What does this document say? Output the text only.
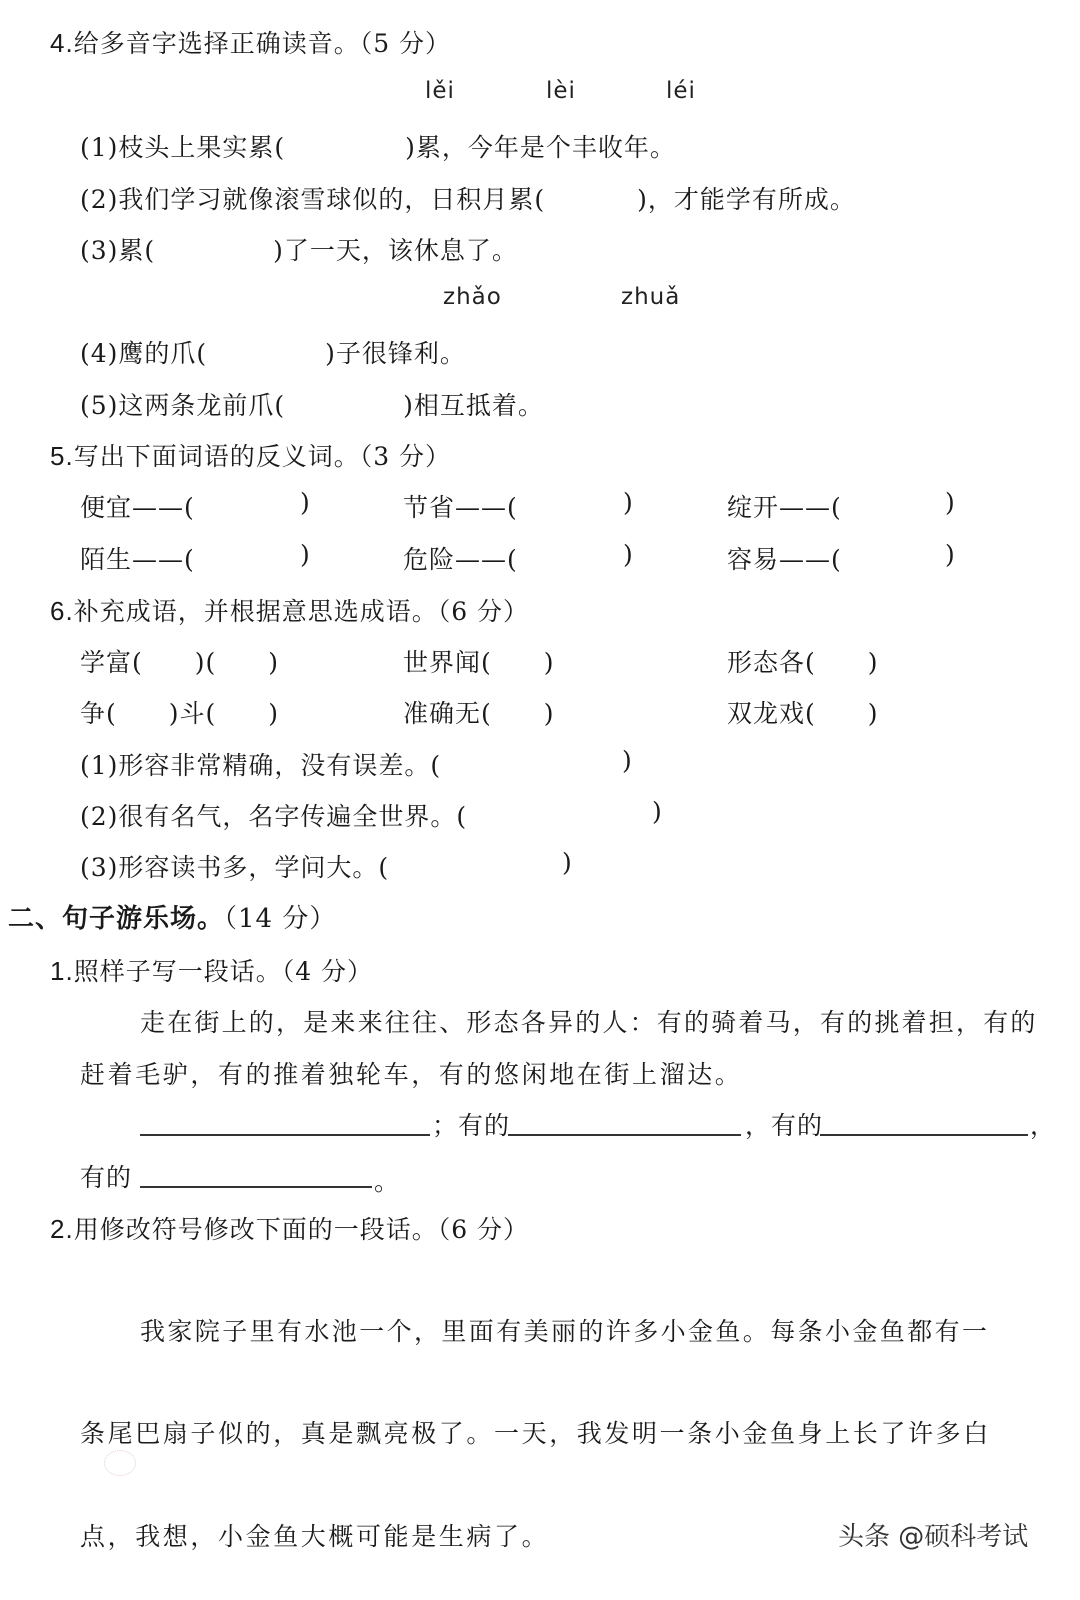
4.给多音字选择正确读音。（5 分）
lěi	lèi	léi
(1)枝头上果实累(	)累，今年是个丰收年。
(2)我们学习就像滚雪球似的，日积月累(	)，才能学有所成。
(3)累(	)了一天，该休息了。
zhǎo	zhuǎ
(4)鹰的爪(	)子很锋利。
(5)这两条龙前爪(	)相互抵着。
5.写出下面词语的反义词。（3 分）
便宜——(	)	节省——(	)	绽开——(	)
陌生——(	)	危险——(	)	容易——(	)
6.补充成语，并根据意思选成语。（6 分）
学富(　　)(　　)	世界闻(　　)	形态各(　　)
争(　　)斗(　　)	准确无(　　)	双龙戏(　　)
(1)形容非常精确，没有误差。(	)
(2)很有名气，名字传遍全世界。(	)
(3)形容读书多，学问大。(	)
二、句子游乐场。（14 分）
1.照样子写一段话。（4 分）
走在街上的，是来来往往、形态各异的人：有的骑着马，有的挑着担，有的
赶着毛驴，有的推着独轮车，有的悠闲地在街上溜达。
；有的	，有的	，
有的	。
2.用修改符号修改下面的一段话。（6 分）
我家院子里有水池一个，里面有美丽的许多小金鱼。每条小金鱼都有一
条尾巴扇子似的，真是飘亮极了。一天，我发明一条小金鱼身上长了许多白
点，我想，小金鱼大概可能是生病了。	头条 @硕科考试
